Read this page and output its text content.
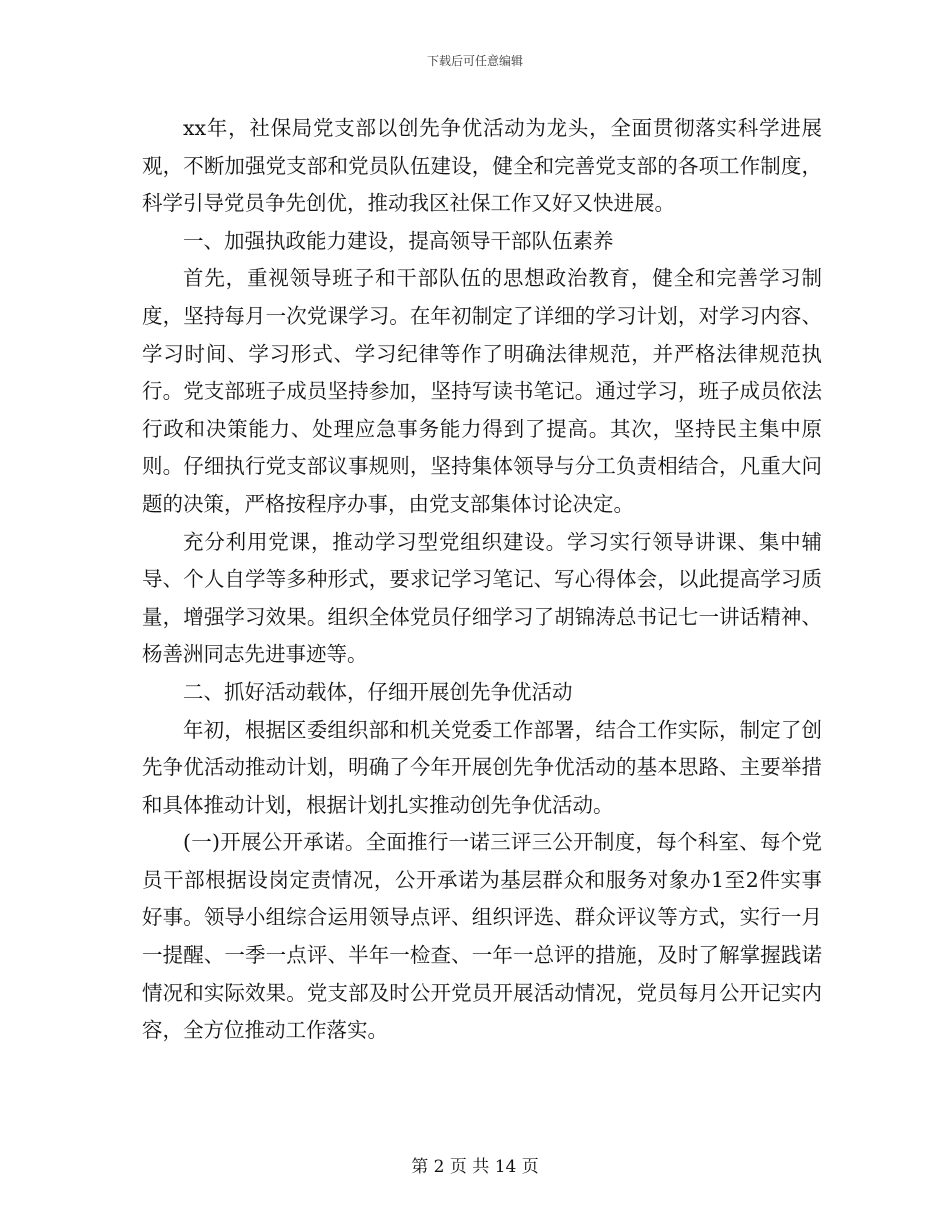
下载后可任意编辑

xx年，社保局党支部以创先争优活动为龙头，全面贯彻落实科学进展观，不断加强党支部和党员队伍建设，健全和完善党支部的各项工作制度，科学引导党员争先创优，推动我区社保工作又好又快进展。

一、加强执政能力建设，提高领导干部队伍素养

首先，重视领导班子和干部队伍的思想政治教育，健全和完善学习制度，坚持每月一次党课学习。在年初制定了详细的学习计划，对学习内容、学习时间、学习形式、学习纪律等作了明确法律规范，并严格法律规范执行。党支部班子成员坚持参加，坚持写读书笔记。通过学习，班子成员依法行政和决策能力、处理应急事务能力得到了提高。其次，坚持民主集中原则。仔细执行党支部议事规则，坚持集体领导与分工负责相结合，凡重大问题的决策，严格按程序办事，由党支部集体讨论决定。

充分利用党课，推动学习型党组织建设。学习实行领导讲课、集中辅导、个人自学等多种形式，要求记学习笔记、写心得体会，以此提高学习质量，增强学习效果。组织全体党员仔细学习了胡锦涛总书记七一讲话精神、杨善洲同志先进事迹等。

二、抓好活动载体，仔细开展创先争优活动

年初，根据区委组织部和机关党委工作部署，结合工作实际，制定了创先争优活动推动计划，明确了今年开展创先争优活动的基本思路、主要举措和具体推动计划，根据计划扎实推动创先争优活动。

(一)开展公开承诺。全面推行一诺三评三公开制度，每个科室、每个党员干部根据设岗定责情况，公开承诺为基层群众和服务对象办1至2件实事好事。领导小组综合运用领导点评、组织评选、群众评议等方式，实行一月一提醒、一季一点评、半年一检查、一年一总评的措施，及时了解掌握践诺情况和实际效果。党支部及时公开党员开展活动情况，党员每月公开记实内容，全方位推动工作落实。

第 2 页 共 14 页
